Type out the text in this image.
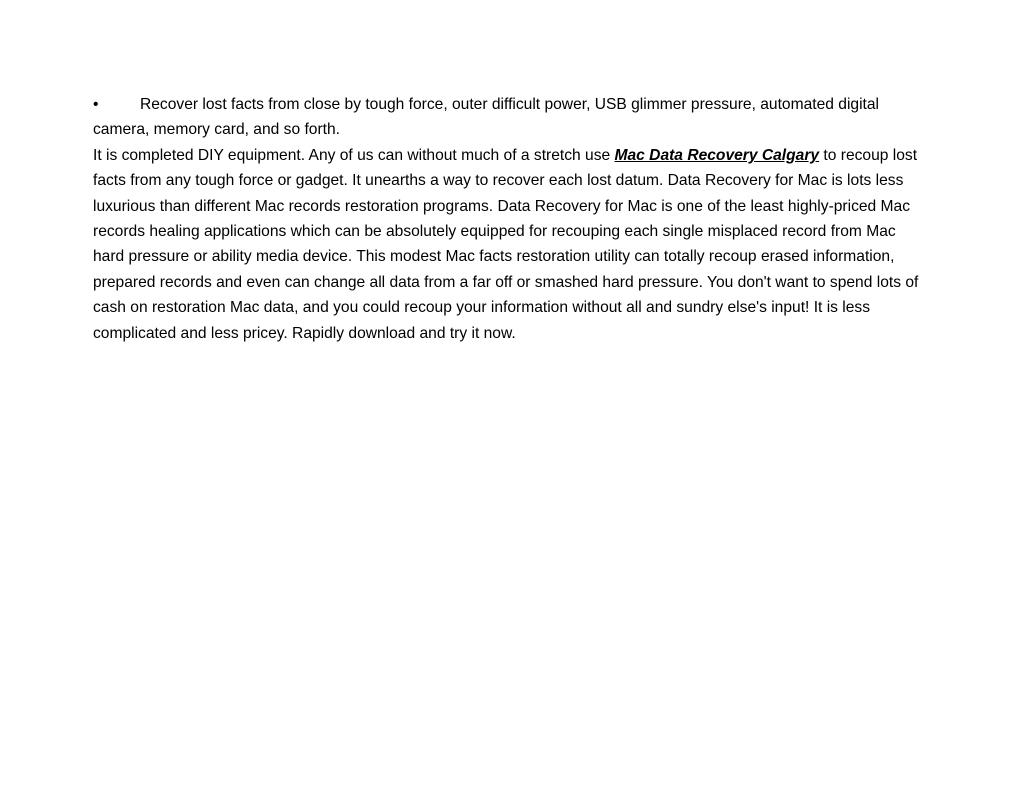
•	Recover lost facts from close by tough force, outer difficult power, USB glimmer pressure, automated digital camera, memory card, and so forth.

It is completed DIY equipment. Any of us can without much of a stretch use Mac Data Recovery Calgary to recoup lost facts from any tough force or gadget. It unearths a way to recover each lost datum. Data Recovery for Mac is lots less luxurious than different Mac records restoration programs. Data Recovery for Mac is one of the least highly-priced Mac records healing applications which can be absolutely equipped for recouping each single misplaced record from Mac hard pressure or ability media device. This modest Mac facts restoration utility can totally recoup erased information, prepared records and even can change all data from a far off or smashed hard pressure. You don't want to spend lots of cash on restoration Mac data, and you could recoup your information without all and sundry else's input! It is less complicated and less pricey. Rapidly download and try it now.
